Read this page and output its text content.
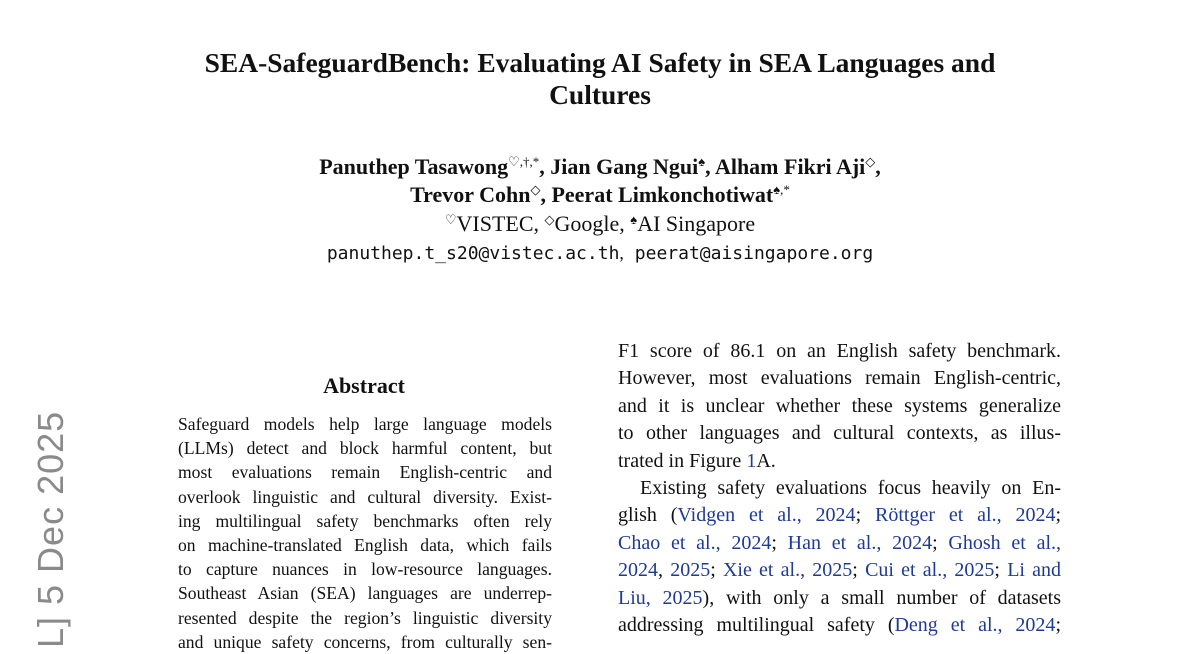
L] 5 Dec 2025
SEA-SafeguardBench: Evaluating AI Safety in SEA Languages and
Cultures
Panuthep Tasawong♡,†,*, Jian Gang Ngui♠, Alham Fikri Aji◇,
Trevor Cohn◇, Peerat Limkonchotiwat♠,*
♡VISTEC, ◇Google, ♠AI Singapore
panuthep.t_s20@vistec.ac.th, peerat@aisingapore.org
Abstract
Safeguard models help large language models
(LLMs) detect and block harmful content, but
most evaluations remain English-centric and
overlook linguistic and cultural diversity. Exist-
ing multilingual safety benchmarks often rely
on machine-translated English data, which fails
to capture nuances in low-resource languages.
Southeast Asian (SEA) languages are underrep-
resented despite the region’s linguistic diversity
and unique safety concerns, from culturally sen-
F1 score of 86.1 on an English safety benchmark.
However, most evaluations remain English-centric,
and it is unclear whether these systems generalize
to other languages and cultural contexts, as illus-
trated in Figure 1A.
Existing safety evaluations focus heavily on En-
glish (Vidgen et al., 2024; Röttger et al., 2024;
Chao et al., 2024; Han et al., 2024; Ghosh et al.,
2024, 2025; Xie et al., 2025; Cui et al., 2025; Li and
Liu, 2025), with only a small number of datasets
addressing multilingual safety (Deng et al., 2024;
